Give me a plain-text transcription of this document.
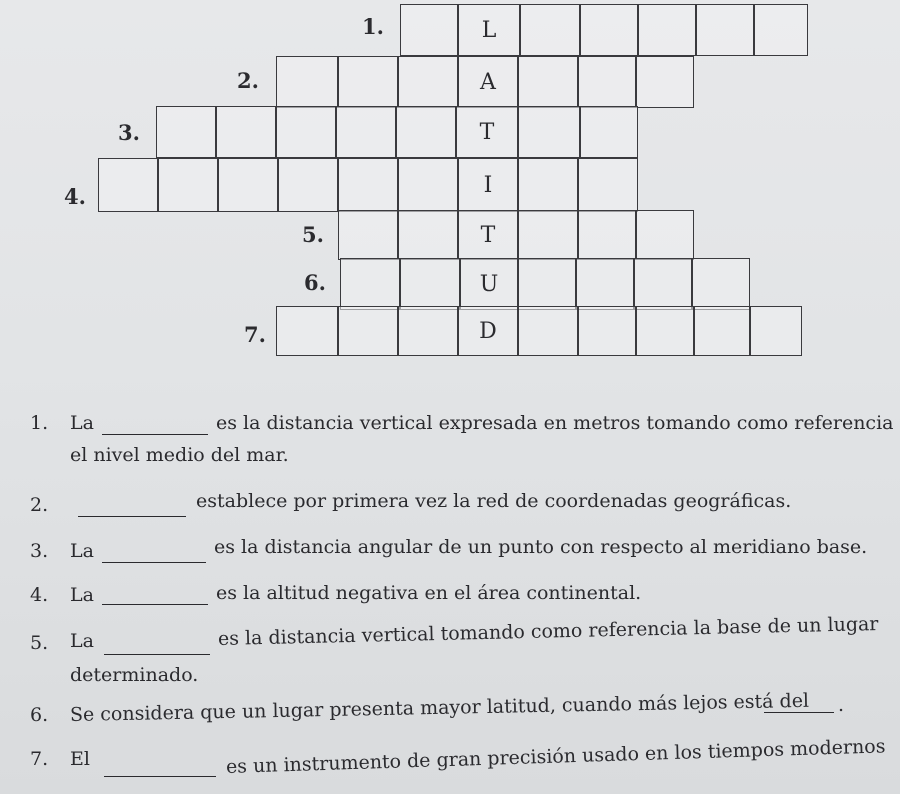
1.	L
2.	A
3.	T
4.	I
5.	T
6.	U
7.	D
1. La	es la distancia vertical expresada en metros tomando como referencia
el nivel medio del mar.
2.	establece por primera vez la red de coordenadas geográficas.
3. La	es la distancia angular de un punto con respecto al meridiano base.
4. La	es la altitud negativa en el área continental.
5. La	es la distancia vertical tomando como referencia la base de un lugar
determinado.
6. Se considera que un lugar presenta mayor latitud, cuando más lejos está del .
7. El	es un instrumento de gran precisión usado en los tiempos modernos
